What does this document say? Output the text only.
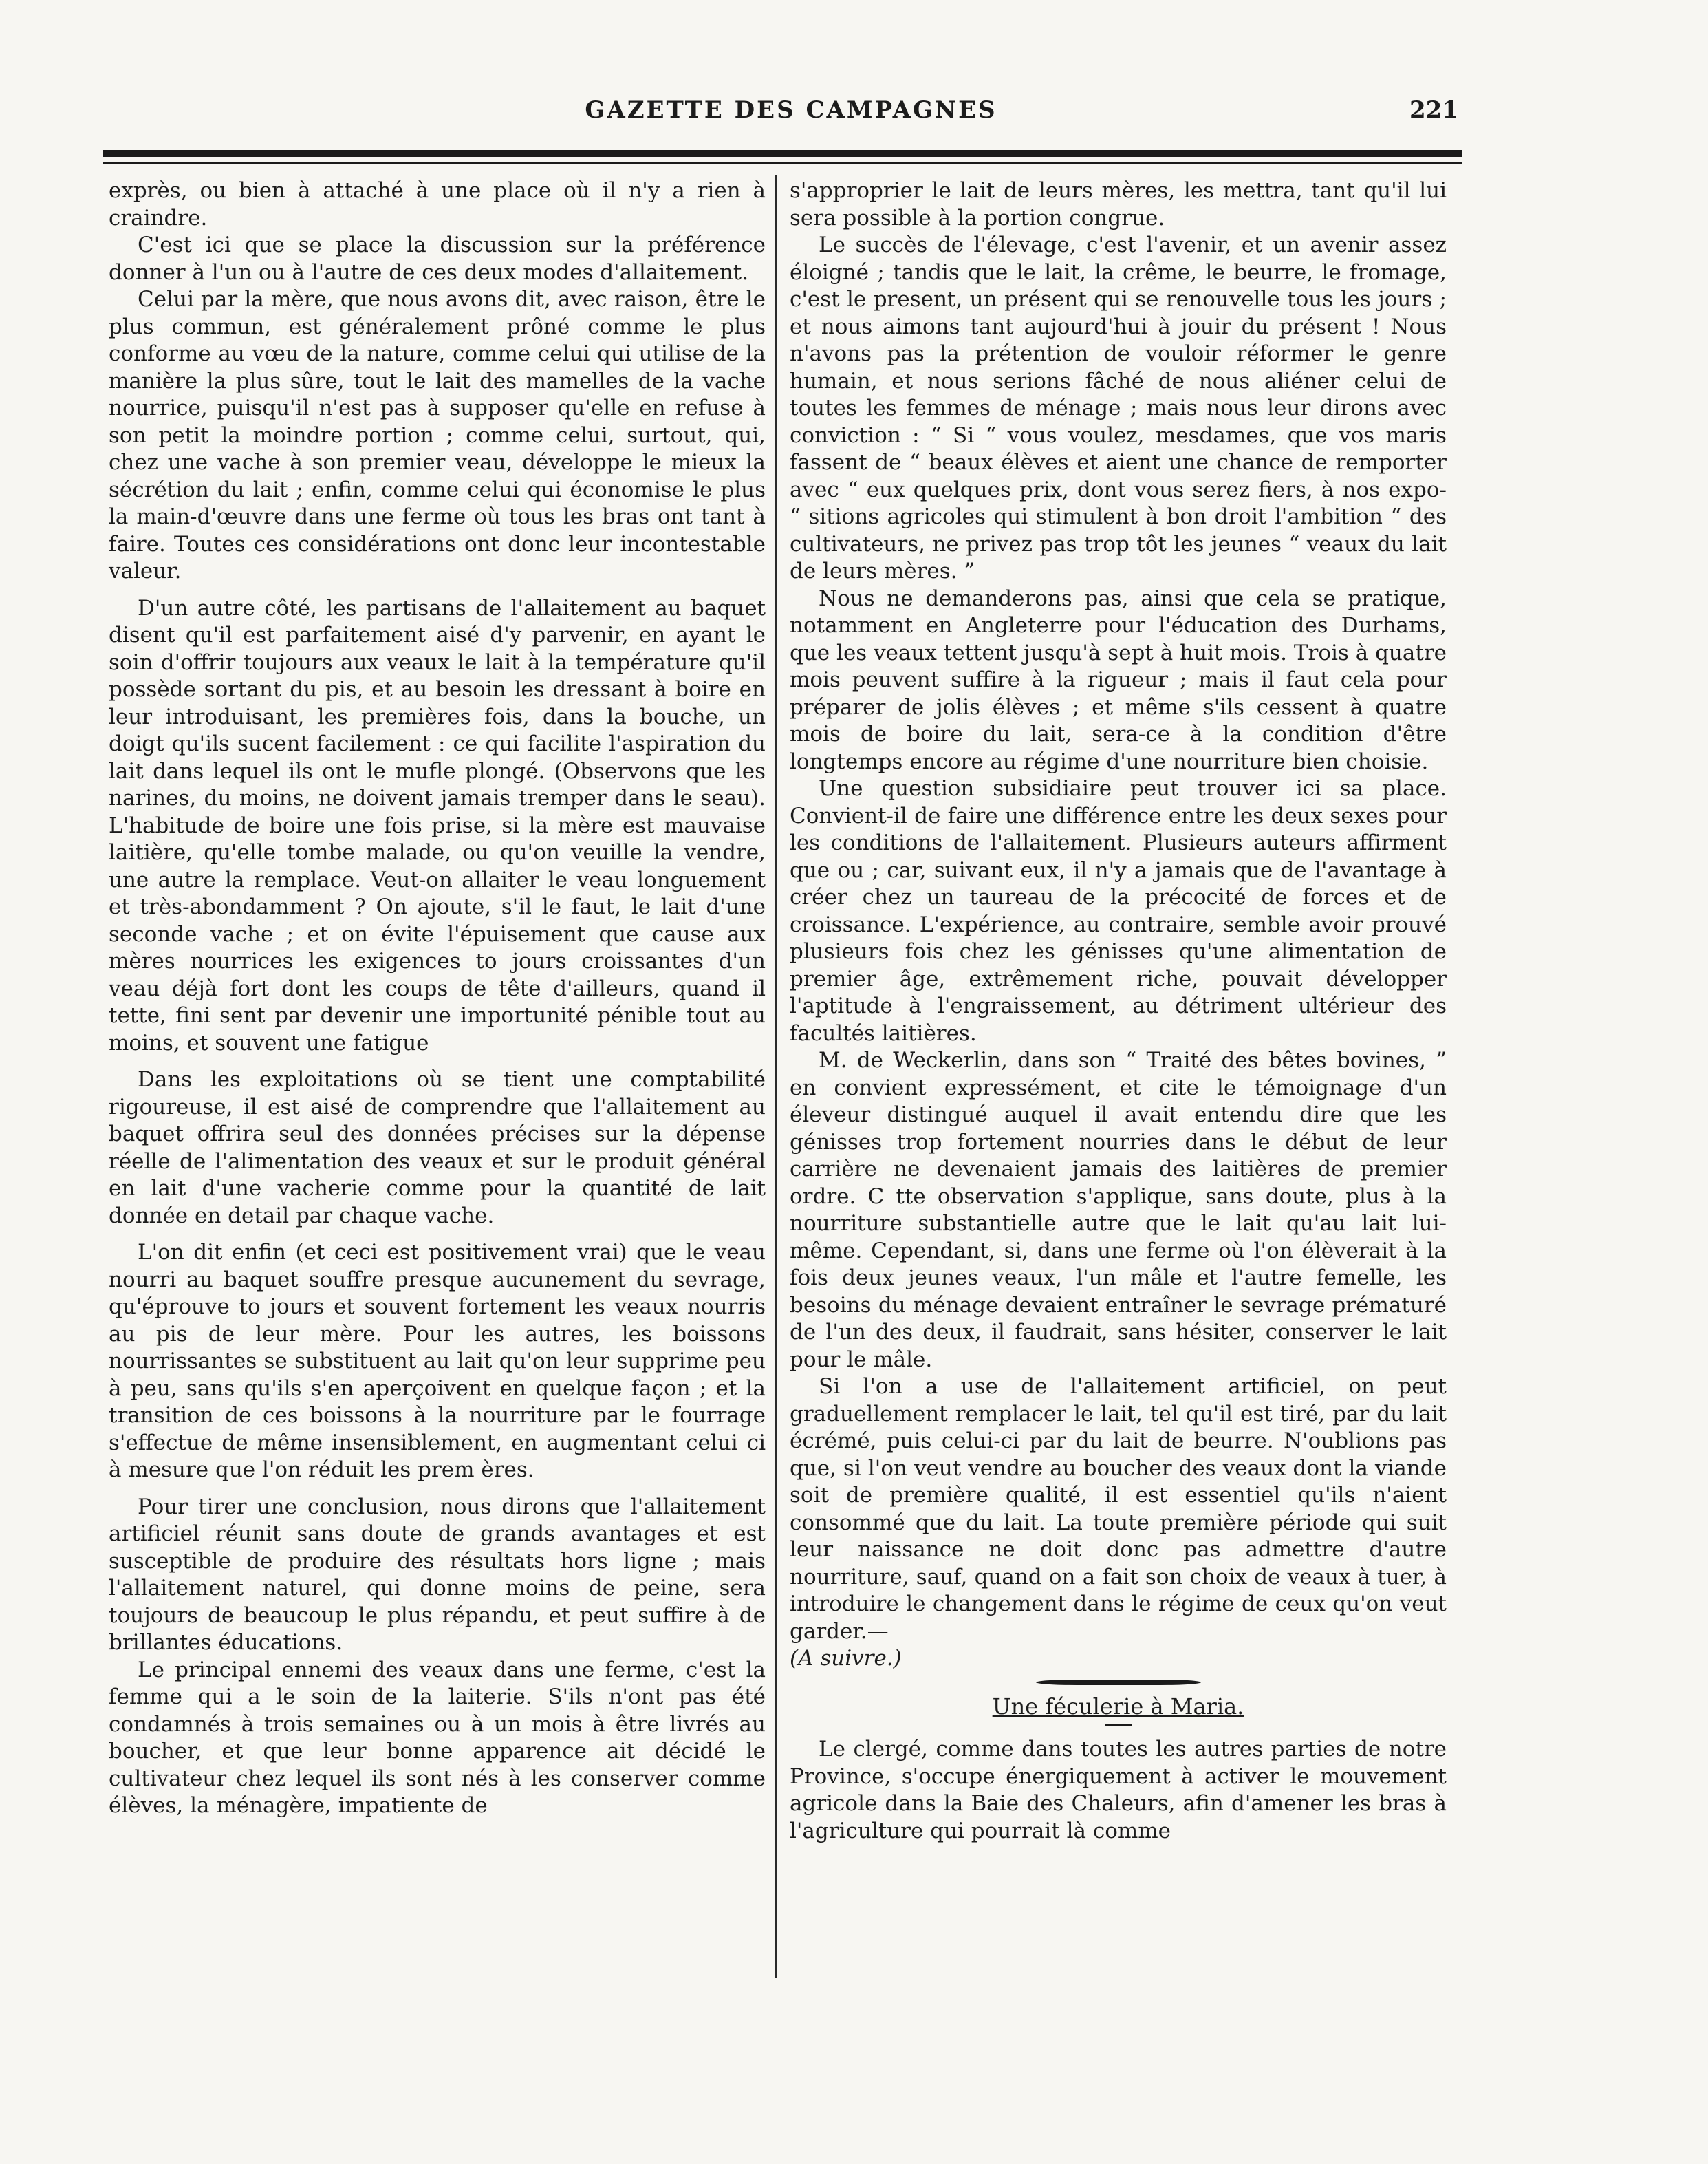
GAZETTE DES CAMPAGNES	221

exprès, ou bien à attaché à une place où il n'y a rien à craindre.

C'est ici que se place la discussion sur la préférence donner à l'un ou à l'autre de ces deux modes d'allaitement.

Celui par la mère, que nous avons dit, avec raison, être le plus commun, est généralement prôné comme le plus conforme au vœu de la nature, comme celui qui utilise de la manière la plus sûre, tout le lait des mamelles de la vache nourrice, puisqu'il n'est pas à supposer qu'elle en refuse à son petit la moindre portion ; comme celui, surtout, qui, chez une vache à son premier veau, développe le mieux la sécrétion du lait ; enfin, comme celui qui économise le plus la main-d'œuvre dans une ferme où tous les bras ont tant à faire. Toutes ces considérations ont donc leur incontestable valeur.

D'un autre côté, les partisans de l'allaitement au baquet disent qu'il est parfaitement aisé d'y parvenir, en ayant le soin d'offrir toujours aux veaux le lait à la température qu'il possède sortant du pis, et au besoin les dressant à boire en leur introduisant, les premières fois, dans la bouche, un doigt qu'ils sucent facilement : ce qui facilite l'aspiration du lait dans lequel ils ont le mufle plongé. (Observons que les narines, du moins, ne doivent jamais tremper dans le seau). L'habitude de boire une fois prise, si la mère est mauvaise laitière, qu'elle tombe malade, ou qu'on veuille la vendre, une autre la remplace. Veut-on allaiter le veau longuement et très-abondamment ? On ajoute, s'il le faut, le lait d'une seconde vache ; et on évite l'épuisement que cause aux mères nourrices les exigences to jours croissantes d'un veau déjà fort dont les coups de tête d'ailleurs, quand il tette, fini sent par devenir une importunité pénible tout au moins, et souvent une fatigue

Dans les exploitations où se tient une comptabilité rigoureuse, il est aisé de comprendre que l'allaitement au baquet offrira seul des données précises sur la dépense réelle de l'alimentation des veaux et sur le produit général en lait d'une vacherie comme pour la quantité de lait donnée en detail par chaque vache.

L'on dit enfin (et ceci est positivement vrai) que le veau nourri au baquet souffre presque aucunement du sevrage, qu'éprouve to jours et souvent fortement les veaux nourris au pis de leur mère. Pour les autres, les boissons nourrissantes se substituent au lait qu'on leur supprime peu à peu, sans qu'ils s'en aperçoivent en quelque façon ; et la transition de ces boissons à la nourriture par le fourrage s'effectue de même insensiblement, en augmentant celui ci à mesure que l'on réduit les prem ères.

Pour tirer une conclusion, nous dirons que l'allaitement artificiel réunit sans doute de grands avantages et est susceptible de produire des résultats hors ligne ; mais l'allaitement naturel, qui donne moins de peine, sera toujours de beaucoup le plus répandu, et peut suffire à de brillantes éducations.

Le principal ennemi des veaux dans une ferme, c'est la femme qui a le soin de la laiterie. S'ils n'ont pas été condamnés à trois semaines ou à un mois à être livrés au boucher, et que leur bonne apparence ait décidé le cultivateur chez lequel ils sont nés à les conserver comme élèves, la ménagère, impatiente de

s'approprier le lait de leurs mères, les mettra, tant qu'il lui sera possible à la portion congrue.

Le succès de l'élevage, c'est l'avenir, et un avenir assez éloigné ; tandis que le lait, la crême, le beurre, le fromage, c'est le present, un présent qui se renouvelle tous les jours ; et nous aimons tant aujourd'hui à jouir du présent ! Nous n'avons pas la prétention de vouloir réformer le genre humain, et nous serions fâché de nous aliéner celui de toutes les femmes de ménage ; mais nous leur dirons avec conviction : “ Si “ vous voulez, mesdames, que vos maris fassent de “ beaux élèves et aient une chance de remporter avec “ eux quelques prix, dont vous serez fiers, à nos expo- “ sitions agricoles qui stimulent à bon droit l'ambition “ des cultivateurs, ne privez pas trop tôt les jeunes “ veaux du lait de leurs mères. ”

Nous ne demanderons pas, ainsi que cela se pratique, notamment en Angleterre pour l'éducation des Durhams, que les veaux tettent jusqu'à sept à huit mois. Trois à quatre mois peuvent suffire à la rigueur ; mais il faut cela pour préparer de jolis élèves ; et même s'ils cessent à quatre mois de boire du lait, sera-ce à la condition d'être longtemps encore au régime d'une nourriture bien choisie.

Une question subsidiaire peut trouver ici sa place. Convient-il de faire une différence entre les deux sexes pour les conditions de l'allaitement. Plusieurs auteurs affirment que ou ; car, suivant eux, il n'y a jamais que de l'avantage à créer chez un taureau de la précocité de forces et de croissance. L'expérience, au contraire, semble avoir prouvé plusieurs fois chez les génisses qu'une alimentation de premier âge, extrêmement riche, pouvait développer l'aptitude à l'engraissement, au détriment ultérieur des facultés laitières.

M. de Weckerlin, dans son “ Traité des bêtes bovines, ” en convient expressément, et cite le témoignage d'un éleveur distingué auquel il avait entendu dire que les génisses trop fortement nourries dans le début de leur carrière ne devenaient jamais des laitières de premier ordre. C tte observation s'applique, sans doute, plus à la nourriture substantielle autre que le lait qu'au lait lui-même. Cependant, si, dans une ferme où l'on élèverait à la fois deux jeunes veaux, l'un mâle et l'autre femelle, les besoins du ménage devaient entraîner le sevrage prématuré de l'un des deux, il faudrait, sans hésiter, conserver le lait pour le mâle.

Si l'on a use de l'allaitement artificiel, on peut graduellement remplacer le lait, tel qu'il est tiré, par du lait écrémé, puis celui-ci par du lait de beurre. N'oublions pas que, si l'on veut vendre au boucher des veaux dont la viande soit de première qualité, il est essentiel qu'ils n'aient consommé que du lait. La toute première période qui suit leur naissance ne doit donc pas admettre d'autre nourriture, sauf, quand on a fait son choix de veaux à tuer, à introduire le changement dans le régime de ceux qu'on veut garder.—

(A suivre.)

Une féculerie à Maria.

Le clergé, comme dans toutes les autres parties de notre Province, s'occupe énergiquement à activer le mouvement agricole dans la Baie des Chaleurs, afin d'amener les bras à l'agriculture qui pourrait là comme
